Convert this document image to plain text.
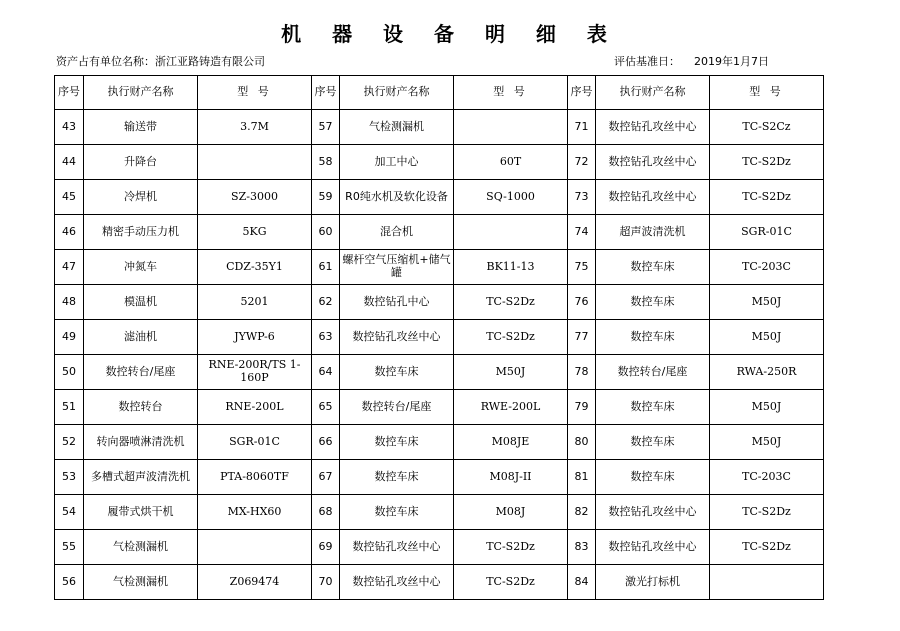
机 器 设 备 明 细 表
资产占有单位名称：浙江亚路铸造有限公司	评估基准日： 2019年1月7日
序号	执行财产名称	型 号	序号	执行财产名称	型 号	序号	执行财产名称	型 号
43	输送带	3.7M	57	气检测漏机		71	数控钻孔攻丝中心	TC-S2Cz
44	升降台		58	加工中心	60T	72	数控钻孔攻丝中心	TC-S2Dz
45	冷焊机	SZ-3000	59	R0纯水机及软化设备	SQ-1000	73	数控钻孔攻丝中心	TC-S2Dz
46	精密手动压力机	5KG	60	混合机		74	超声波清洗机	SGR-01C
47	冲氮车	CDZ-35Y1	61	螺杆空气压缩机+储气罐	BK11-13	75	数控车床	TC-203C
48	模温机	5201	62	数控钻孔中心	TC-S2Dz	76	数控车床	M50J
49	滤油机	JYWP-6	63	数控钻孔攻丝中心	TC-S2Dz	77	数控车床	M50J
50	数控转台/尾座	RNE-200R/TS 1-160P	64	数控车床	M50J	78	数控转台/尾座	RWA-250R
51	数控转台	RNE-200L	65	数控转台/尾座	RWE-200L	79	数控车床	M50J
52	转向器喷淋清洗机	SGR-01C	66	数控车床	M08JE	80	数控车床	M50J
53	多槽式超声波清洗机	PTA-8060TF	67	数控车床	M08J-II	81	数控车床	TC-203C
54	履带式烘干机	MX-HX60	68	数控车床	M08J	82	数控钻孔攻丝中心	TC-S2Dz
55	气检测漏机		69	数控钻孔攻丝中心	TC-S2Dz	83	数控钻孔攻丝中心	TC-S2Dz
56	气检测漏机	Z069474	70	数控钻孔攻丝中心	TC-S2Dz	84	激光打标机	
